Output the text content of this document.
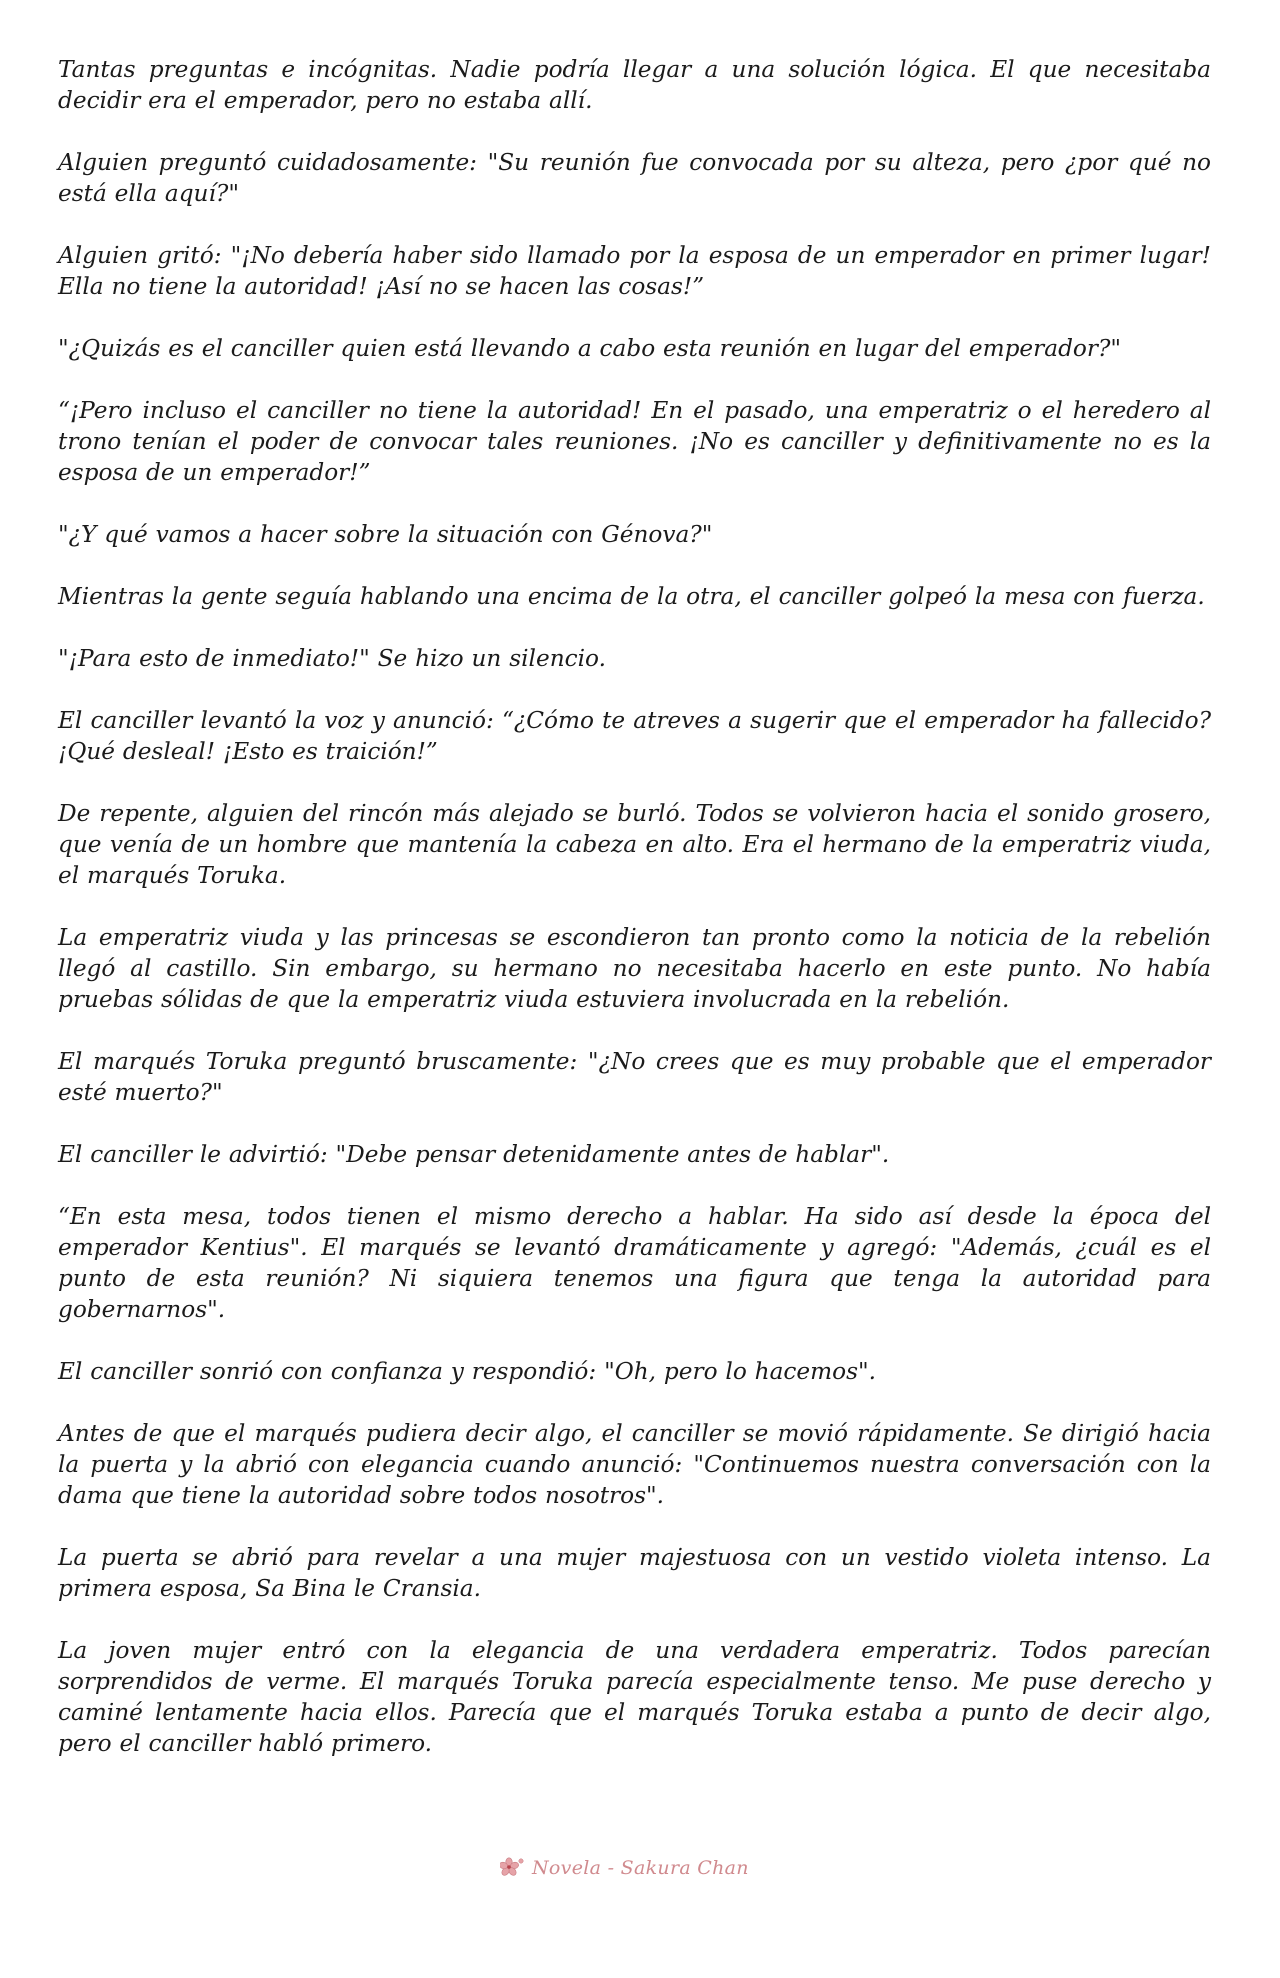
Tantas preguntas e incógnitas. Nadie podría llegar a una solución lógica. El que necesitaba decidir era el emperador, pero no estaba allí.

Alguien preguntó cuidadosamente: "Su reunión fue convocada por su alteza, pero ¿por qué no está ella aquí?"

Alguien gritó: "¡No debería haber sido llamado por la esposa de un emperador en primer lugar! Ella no tiene la autoridad! ¡Así no se hacen las cosas!”

"¿Quizás es el canciller quien está llevando a cabo esta reunión en lugar del emperador?"

“¡Pero incluso el canciller no tiene la autoridad! En el pasado, una emperatriz o el heredero al trono tenían el poder de convocar tales reuniones. ¡No es canciller y definitivamente no es la esposa de un emperador!”

"¿Y qué vamos a hacer sobre la situación con Génova?"

Mientras la gente seguía hablando una encima de la otra, el canciller golpeó la mesa con fuerza.

"¡Para esto de inmediato!" Se hizo un silencio.

El canciller levantó la voz y anunció: “¿Cómo te atreves a sugerir que el emperador ha fallecido? ¡Qué desleal! ¡Esto es traición!”

De repente, alguien del rincón más alejado se burló. Todos se volvieron hacia el sonido grosero, que venía de un hombre que mantenía la cabeza en alto. Era el hermano de la emperatriz viuda, el marqués Toruka.

La emperatriz viuda y las princesas se escondieron tan pronto como la noticia de la rebelión llegó al castillo. Sin embargo, su hermano no necesitaba hacerlo en este punto. No había pruebas sólidas de que la emperatriz viuda estuviera involucrada en la rebelión.

El marqués Toruka preguntó bruscamente: "¿No crees que es muy probable que el emperador esté muerto?"

El canciller le advirtió: "Debe pensar detenidamente antes de hablar".

“En esta mesa, todos tienen el mismo derecho a hablar. Ha sido así desde la época del emperador Kentius". El marqués se levantó dramáticamente y agregó: "Además, ¿cuál es el punto de esta reunión? Ni siquiera tenemos una figura que tenga la autoridad para gobernarnos".

El canciller sonrió con confianza y respondió: "Oh, pero lo hacemos".

Antes de que el marqués pudiera decir algo, el canciller se movió rápidamente. Se dirigió hacia la puerta y la abrió con elegancia cuando anunció: "Continuemos nuestra conversación con la dama que tiene la autoridad sobre todos nosotros".

La puerta se abrió para revelar a una mujer majestuosa con un vestido violeta intenso. La primera esposa, Sa Bina le Cransia.

La joven mujer entró con la elegancia de una verdadera emperatriz. Todos parecían sorprendidos de verme. El marqués Toruka parecía especialmente tenso. Me puse derecho y caminé lentamente hacia ellos. Parecía que el marqués Toruka estaba a punto de decir algo, pero el canciller habló primero.

Novela - Sakura Chan
